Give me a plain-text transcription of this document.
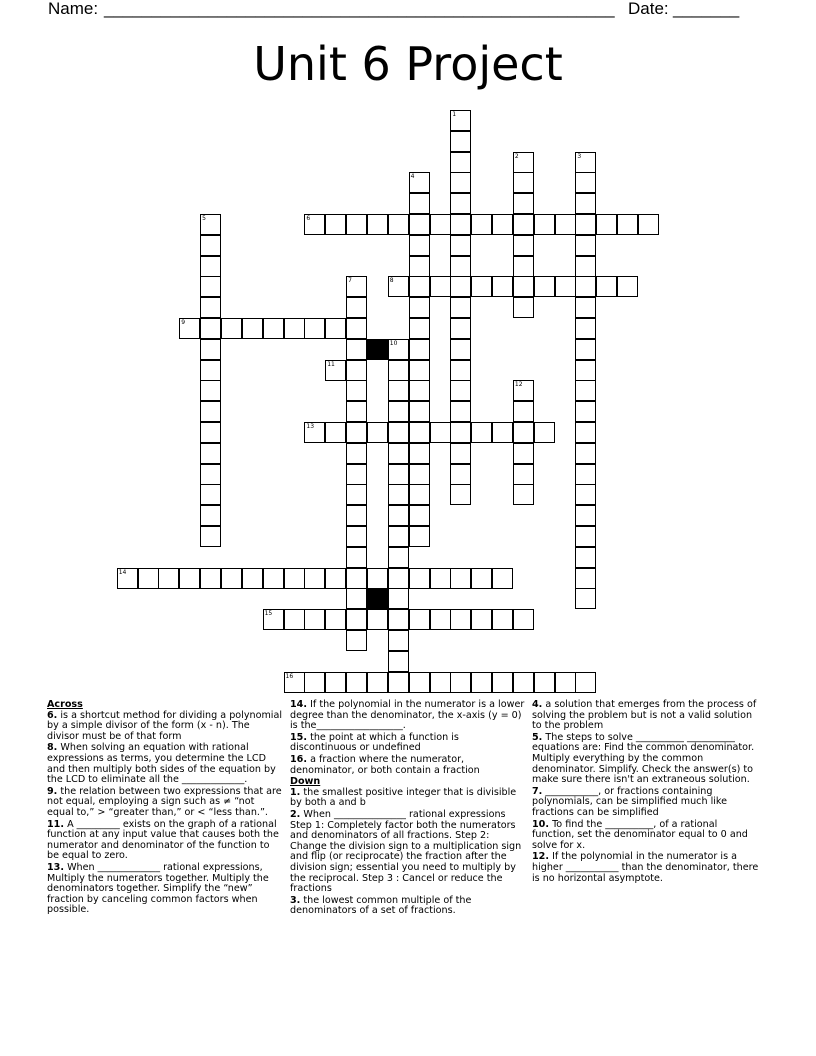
Name: ______________________________________________________ Date: _______
Unit 6 Project
1
2	3
4
5	6
7	8
9
10
11
12
13
14
15
16

Across

6. is a shortcut method for dividing a polynomial by a simple divisor of the form (x - n). The divisor must be of that form

8. When solving an equation with rational expressions as terms, you determine the LCD and then multiply both sides of the equation by the LCD to eliminate all the _____________.

9. the relation between two expressions that are not equal, employing a sign such as ≠ “not equal to,” > “greater than,” or < “less than.”.

11. A _________ exists on the graph of a rational function at any input value that causes both the numerator and denominator of the function to be equal to zero.

13. When _____________ rational expressions, Multiply the numerators together. Multiply the denominators together. Simplify the “new” fraction by canceling common factors when possible.

14. If the polynomial in the numerator is a lower degree than the denominator, the x-axis (y = 0) is the__________________.

15. the point at which a function is discontinuous or undefined

16. a fraction where the numerator, denominator, or both contain a fraction

Down

1. the smallest positive integer that is divisible by both a and b

2. When _______________ rational expressions Step 1: Completely factor both the numerators and denominators of all fractions. Step 2: Change the division sign to a multiplication sign and flip (or reciprocate) the fraction after the division sign; essential you need to multiply by the reciprocal. Step 3 : Cancel or reduce the fractions

3. the lowest common multiple of the denominators of a set of fractions.

4. a solution that emerges from the process of solving the problem but is not a valid solution to the problem

5. The steps to solve __________ __________ equations are: Find the common denominator. Multiply everything by the common denominator. Simplify. Check the answer(s) to make sure there isn't an extraneous solution.

7. ___________, or fractions containing polynomials, can be simplified much like fractions can be simplified

10. To find the __________, of a rational function, set the denominator equal to 0 and solve for x.

12. If the polynomial in the numerator is a higher ___________ than the denominator, there is no horizontal asymptote.
